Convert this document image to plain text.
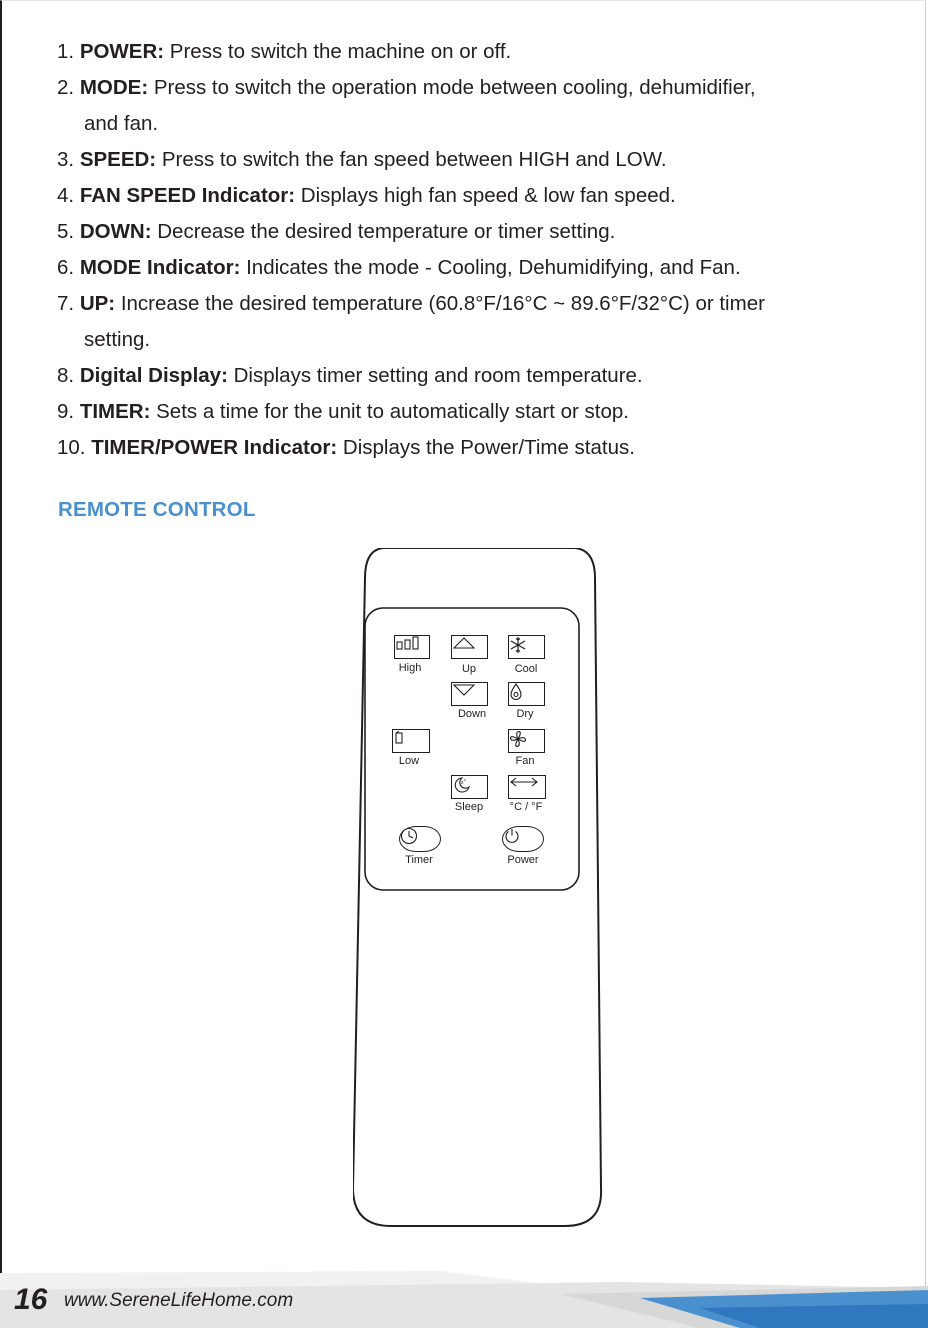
1. POWER: Press to switch the machine on or off.
2. MODE: Press to switch the operation mode between cooling, dehumidifier,
and fan.
3. SPEED: Press to switch the fan speed between HIGH and LOW.
4. FAN SPEED Indicator: Displays high fan speed & low fan speed.
5. DOWN: Decrease the desired temperature or timer setting.
6. MODE Indicator: Indicates the mode - Cooling, Dehumidifying, and Fan.
7. UP: Increase the desired temperature (60.8°F/16°C ~ 89.6°F/32°C) or timer
setting.
8. Digital Display: Displays timer setting and room temperature.
9. TIMER: Sets a time for the unit to automatically start or stop.
10. TIMER/POWER Indicator: Displays the Power/Time status.
REMOTE CONTROL
High	Up	Cool
Down	Dry
Low	Fan
z
z
Sleep	°C / °F
Timer	Power
16 www.SereneLifeHome.com
